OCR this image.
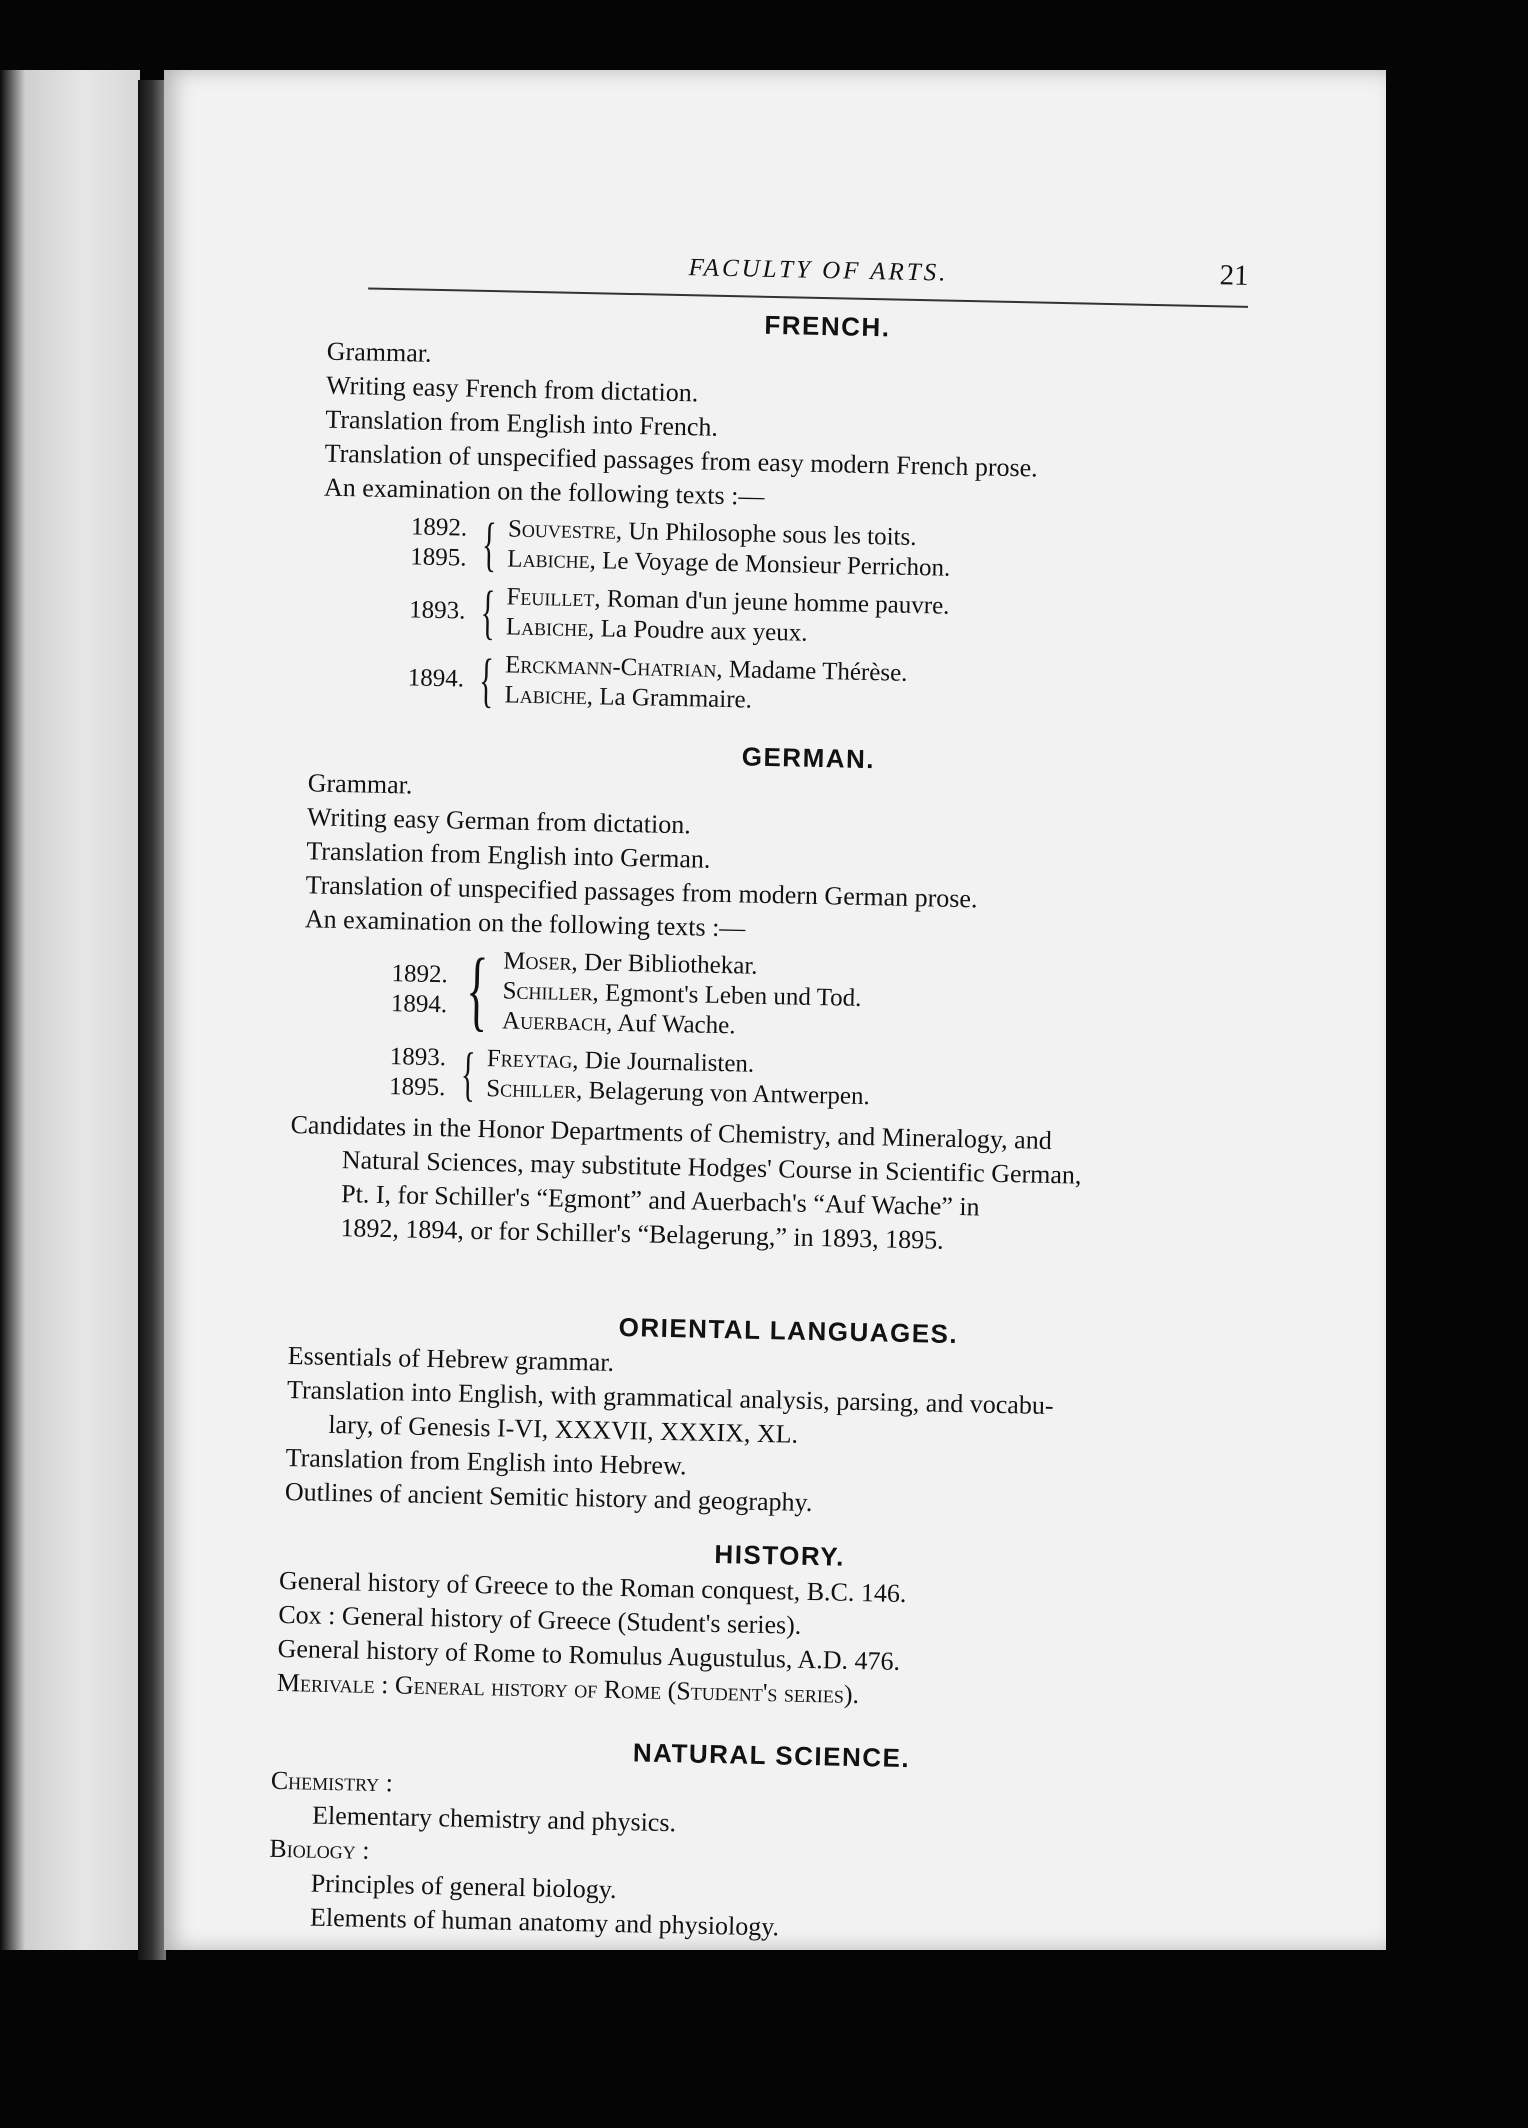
FACULTY OF ARTS.	21
FRENCH.
Grammar.
Writing easy French from dictation.
Translation from English into French.
Translation of unspecified passages from easy modern French prose.
An examination on the following texts :—
1892.
1895. { Souvestre, Un Philosophe sous les toits.
Labiche, Le Voyage de Monsieur Perrichon.
1893. { Feuillet, Roman d'un jeune homme pauvre.
Labiche, La Poudre aux yeux.
1894. { Erckmann-Chatrian, Madame Thérèse.
Labiche, La Grammaire.
GERMAN.
Grammar.
Writing easy German from dictation.
Translation from English into German.
Translation of unspecified passages from modern German prose.
An examination on the following texts :—
1892.
1894. { Moser, Der Bibliothekar.
Schiller, Egmont's Leben und Tod.
Auerbach, Auf Wache.
1893.
1895. { Freytag, Die Journalisten.
Schiller, Belagerung von Antwerpen.
Candidates in the Honor Departments of Chemistry, and Mineralogy, and
Natural Sciences, may substitute Hodges' Course in Scientific German,
Pt. I, for Schiller's “Egmont” and Auerbach's “Auf Wache” in
1892, 1894, or for Schiller's “Belagerung,” in 1893, 1895.
ORIENTAL LANGUAGES.
Essentials of Hebrew grammar.
Translation into English, with grammatical analysis, parsing, and vocabu-
lary, of Genesis I-VI, XXXVII, XXXIX, XL.
Translation from English into Hebrew.
Outlines of ancient Semitic history and geography.
HISTORY.
General history of Greece to the Roman conquest, B.C. 146.
Cox : General history of Greece (Student's series).
General history of Rome to Romulus Augustulus, A.D. 476.
Merivale : General history of Rome (Student's series).
NATURAL SCIENCE.
Chemistry :
Elementary chemistry and physics.
Biology :
Principles of general biology.
Elements of human anatomy and physiology.
